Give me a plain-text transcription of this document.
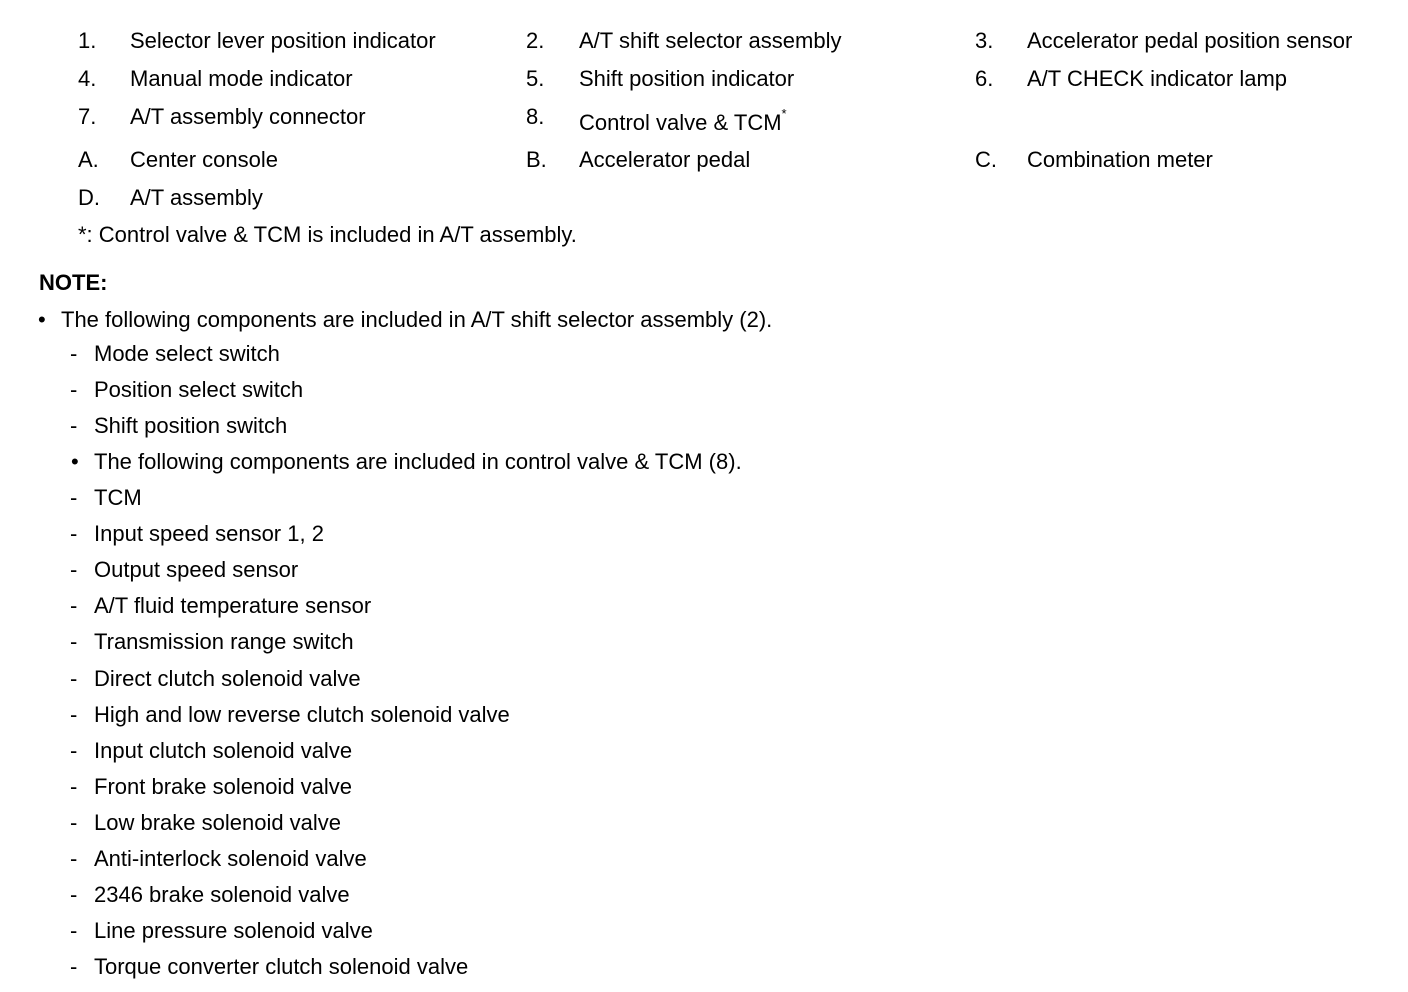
1. Selector lever position indicator	2. A/T shift selector assembly	3. Accelerator pedal position sensor
4. Manual mode indicator	5. Shift position indicator	6. A/T CHECK indicator lamp
7. A/T assembly connector	8. Control valve & TCM*
A. Center console	B. Accelerator pedal	C. Combination meter
D. A/T assembly
*: Control valve & TCM is included in A/T assembly.
NOTE:
• The following components are included in A/T shift selector assembly (2).
- Mode select switch
- Position select switch
- Shift position switch
• The following components are included in control valve & TCM (8).
- TCM
- Input speed sensor 1, 2
- Output speed sensor
- A/T fluid temperature sensor
- Transmission range switch
- Direct clutch solenoid valve
- High and low reverse clutch solenoid valve
- Input clutch solenoid valve
- Front brake solenoid valve
- Low brake solenoid valve
- Anti-interlock solenoid valve
- 2346 brake solenoid valve
- Line pressure solenoid valve
- Torque converter clutch solenoid valve
